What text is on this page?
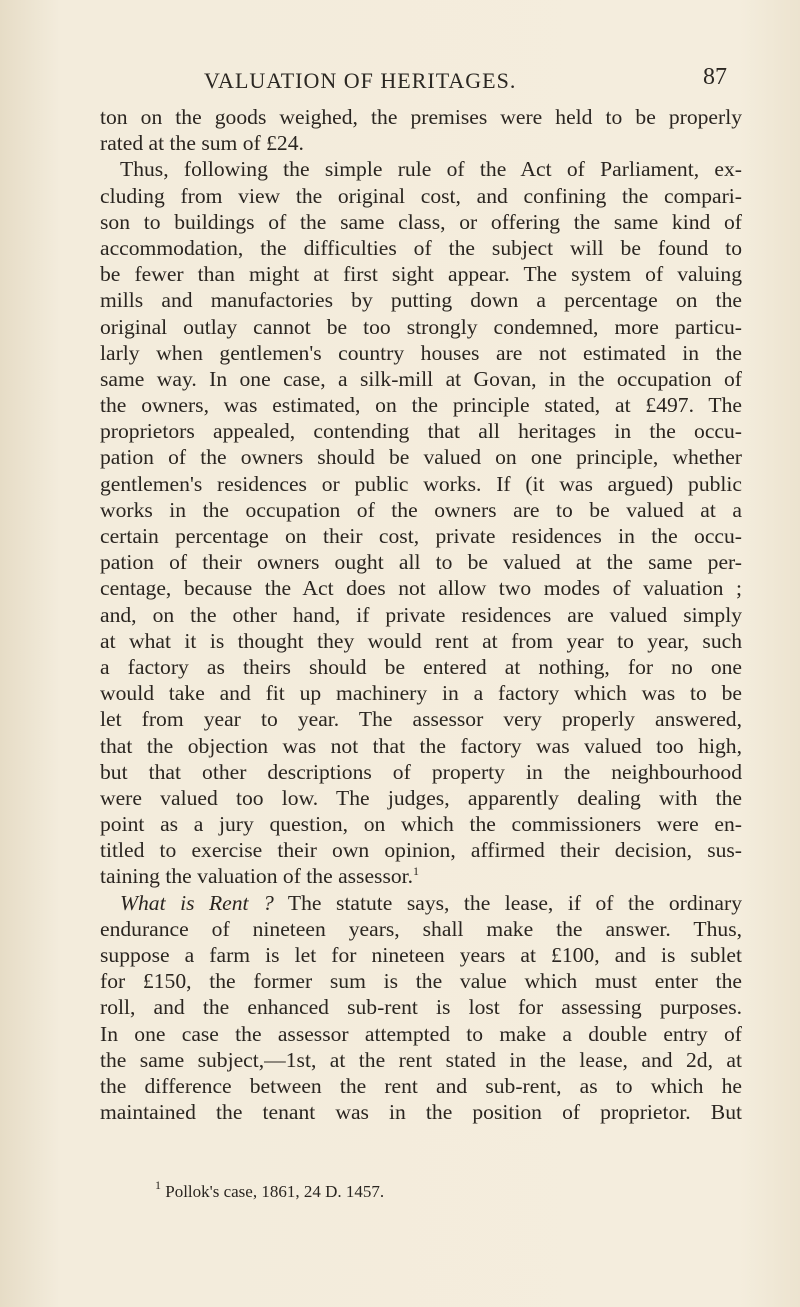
VALUATION OF HERITAGES.	87
ton on the goods weighed, the premises were held to be properly
rated at the sum of £24.
Thus, following the simple rule of the Act of Parliament, ex-
cluding from view the original cost, and confining the compari-
son to buildings of the same class, or offering the same kind of
accommodation, the difficulties of the subject will be found to
be fewer than might at first sight appear. The system of valuing
mills and manufactories by putting down a percentage on the
original outlay cannot be too strongly condemned, more particu-
larly when gentlemen's country houses are not estimated in the
same way. In one case, a silk-mill at Govan, in the occupation of
the owners, was estimated, on the principle stated, at £497. The
proprietors appealed, contending that all heritages in the occu-
pation of the owners should be valued on one principle, whether
gentlemen's residences or public works. If (it was argued) public
works in the occupation of the owners are to be valued at a
certain percentage on their cost, private residences in the occu-
pation of their owners ought all to be valued at the same per-
centage, because the Act does not allow two modes of valuation ;
and, on the other hand, if private residences are valued simply
at what it is thought they would rent at from year to year, such
a factory as theirs should be entered at nothing, for no one
would take and fit up machinery in a factory which was to be
let from year to year. The assessor very properly answered,
that the objection was not that the factory was valued too high,
but that other descriptions of property in the neighbourhood
were valued too low. The judges, apparently dealing with the
point as a jury question, on which the commissioners were en-
titled to exercise their own opinion, affirmed their decision, sus-
taining the valuation of the assessor.$^1$
What is Rent ? The statute says, the lease, if of the ordinary
endurance of nineteen years, shall make the answer. Thus,
suppose a farm is let for nineteen years at £100, and is sublet
for £150, the former sum is the value which must enter the
roll, and the enhanced sub-rent is lost for assessing purposes.
In one case the assessor attempted to make a double entry of
the same subject,—1st, at the rent stated in the lease, and 2d, at
the difference between the rent and sub-rent, as to which he
maintained the tenant was in the position of proprietor. But
$^1$ Pollok's case, 1861, 24 D. 1457.
